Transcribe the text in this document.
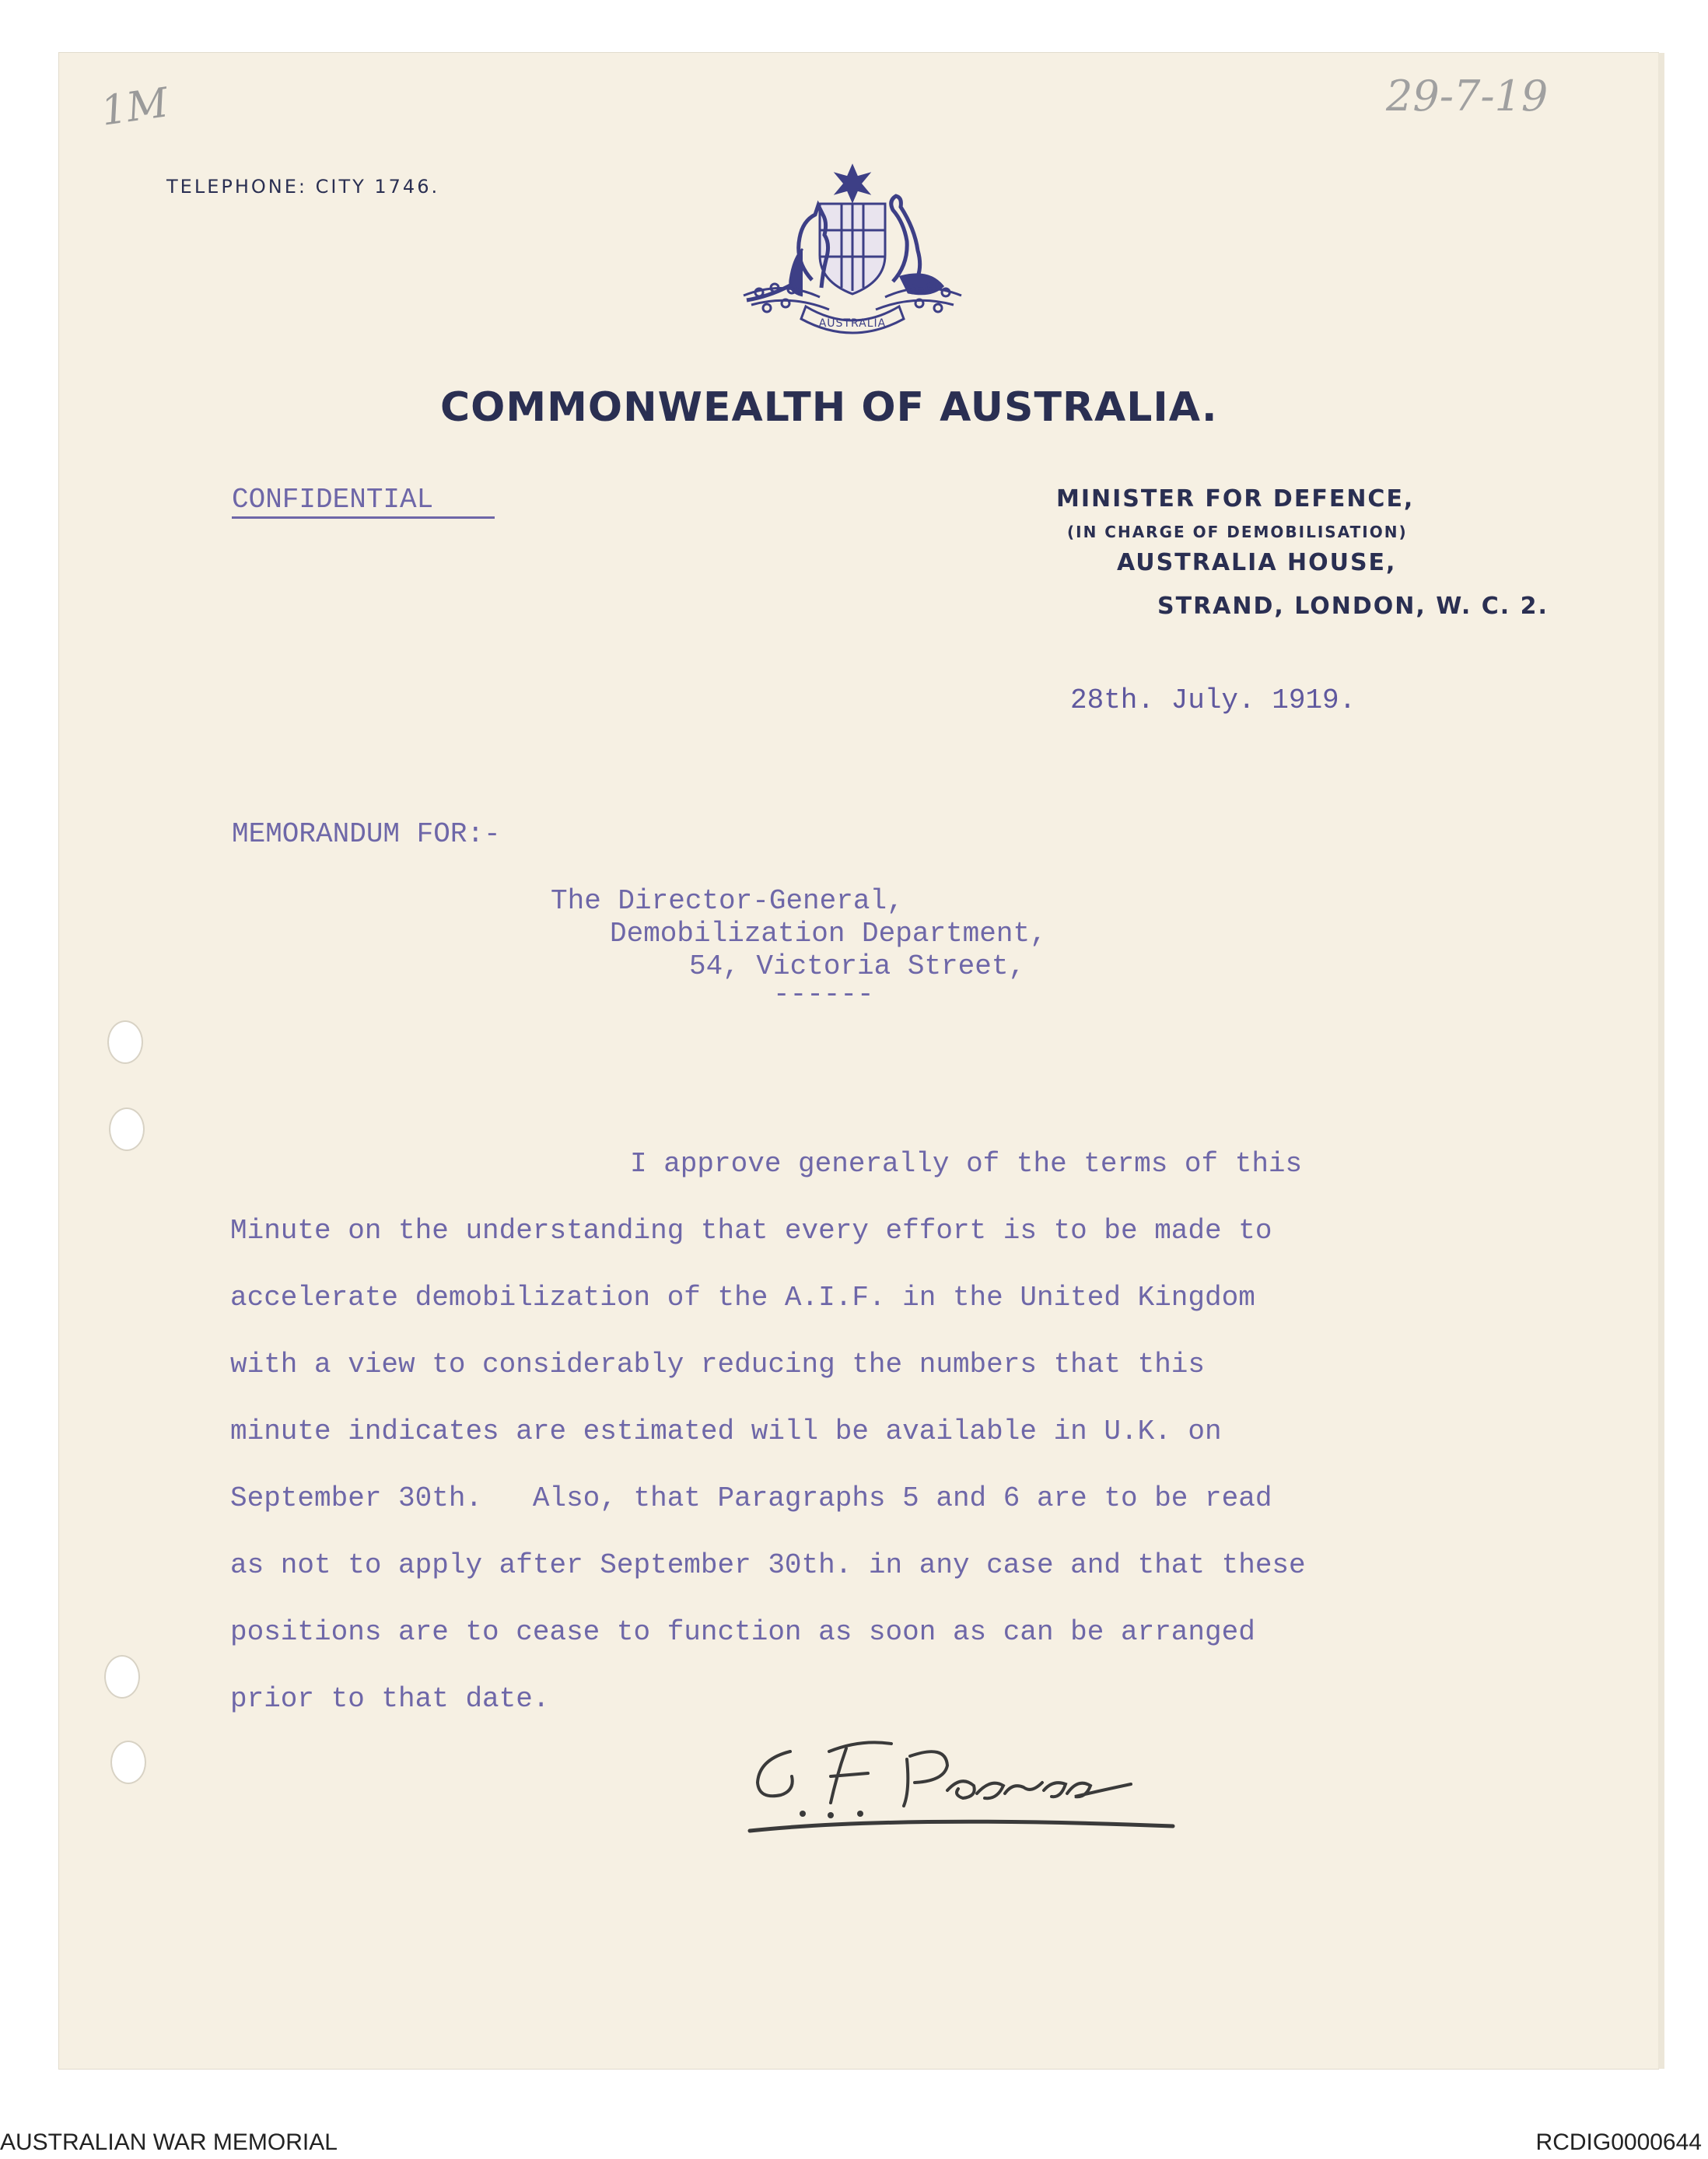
1M	29-7-19
TELEPHONE: CITY 1746.
AUSTRALIA
COMMONWEALTH OF AUSTRALIA.
MINISTER FOR DEFENCE,
(IN CHARGE OF DEMOBILISATION)
AUSTRALIA HOUSE,
STRAND, LONDON, W. C. 2.
CONFIDENTIAL
28th. July. 1919.
MEMORANDUM FOR:-
The Director-General,
Demobilization Department,
54, Victoria Street,
------
I approve generally of the terms of this
Minute on the understanding that every effort is to be made to
accelerate demobilization of the A.I.F. in the United Kingdom
with a view to considerably reducing the numbers that this
minute indicates are estimated will be available in U.K. on
September 30th.   Also, that Paragraphs 5 and 6 are to be read
as not to apply after September 30th. in any case and that these
positions are to cease to function as soon as can be arranged
prior to that date.
AUSTRALIAN WAR MEMORIAL	RCDIG0000644
